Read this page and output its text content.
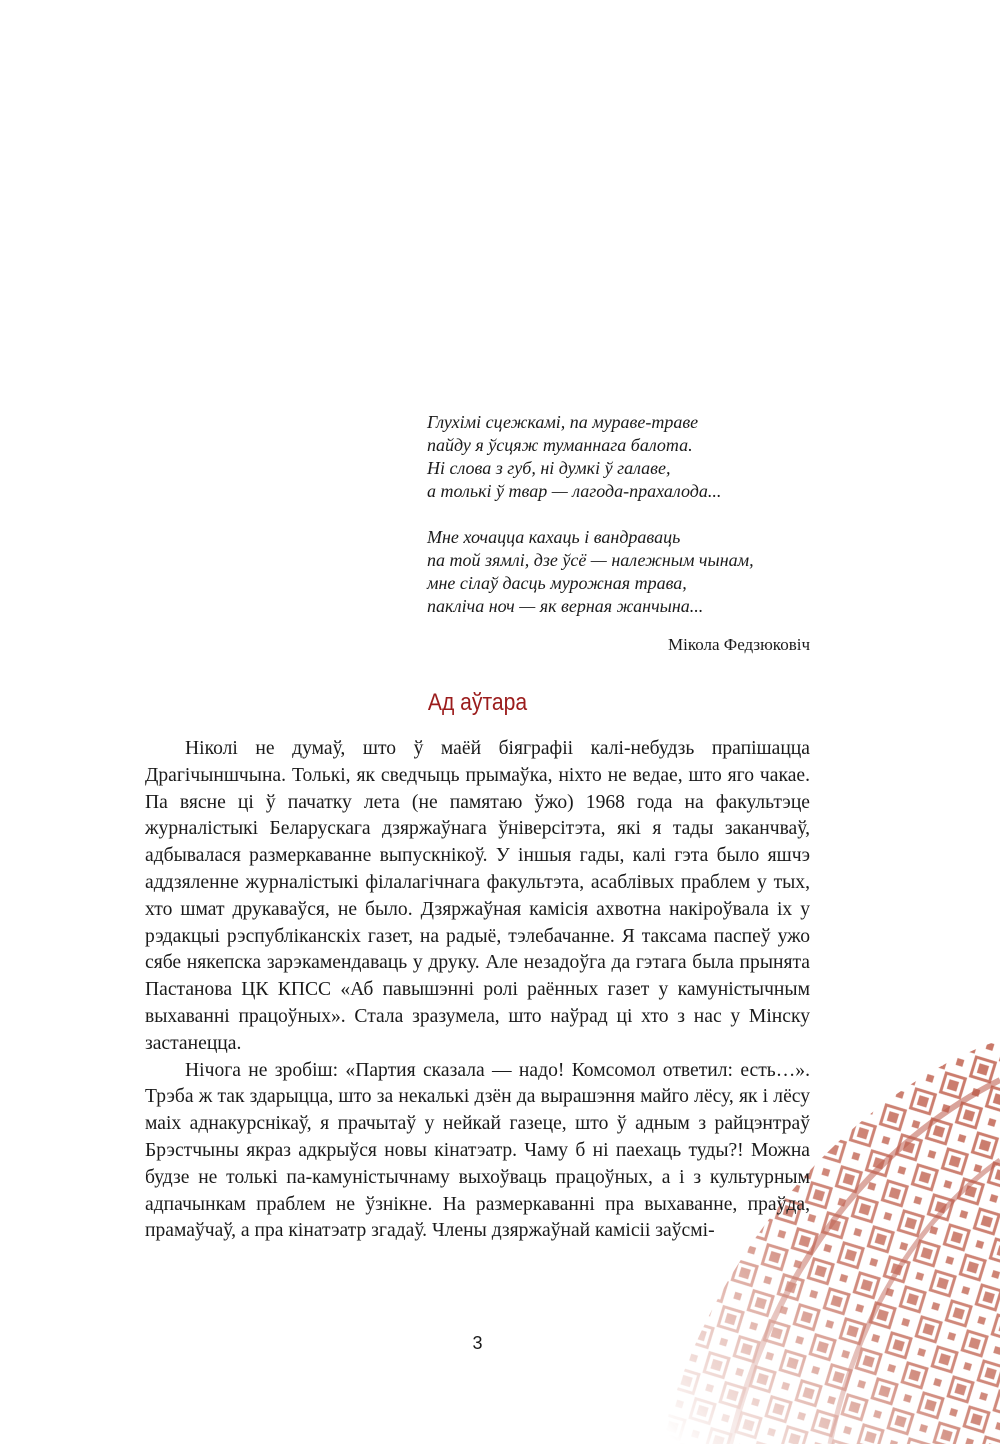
Глухімі сцежкамі, па мураве-траве

пайду я ўсцяж туманнага балота.

Ні слова з губ, ні думкі ў галаве,

а толькі ў твар — лагода-прахалода...

Мне хочацца кахаць і вандраваць

па той зямлі, дзе ўсё — належным чынам,

мне сілаў дасць мурожная трава,

пакліча ноч — як верная жанчына...

Мікола Федзюковіч
Ад аўтара

Ніколі не думаў, што ў маёй біяграфіі калі-небудзь прапішацца Драгічыншчына. Толькі, як сведчыць прымаўка, ніхто не ведае, што яго чакае. Па вясне ці ў пачатку лета (не памятаю ўжо) 1968 года на факультэце журналістыкі Беларускага дзяржаўнага ўніверсітэта, які я тады заканчваў, адбывалася размеркаванне выпускнікоў. У іншыя гады, калі гэта было яшчэ аддзяленне журналістыкі філалагічнага факультэта, асаблівых праблем у тых, хто шмат друкаваўся, не было. Дзяржаўная камісія ахвотна накіроўвала іх у рэдакцыі рэспубліканскіх газет, на радыё, тэлебачанне. Я таксама паспеў ужо сябе някепска зарэкамендаваць у друку. Але незадоўга да гэтага была прынята Пастанова ЦК КПСС «Аб павышэнні ролі раённых газет у камуністычным выхаванні працоўных». Стала зразумела, што наўрад ці хто з нас у Мінску застанецца.

Нічога не зробіш: «Партия сказала — надо! Комсомол ответил: есть…». Трэба ж так здарыцца, што за некалькі дзён да вырашэння майго лёсу, як і лёсу маіх аднакурснікаў, я прачытаў у нейкай газеце, што ў адным з райцэнтраў Брэстчыны якраз адкрыўся новы кінатэатр. Чаму б ні паехаць туды?! Можна будзе не толькі па-камуністычнаму выхоўваць працоўных, а і з культурным адпачынкам праблем не ўзнікне. На размеркаванні пра выхаванне, праўда, прамаўчаў, а пра кінатэатр згадаў. Члены дзяржаўнай камісіі заўсмі-

3
